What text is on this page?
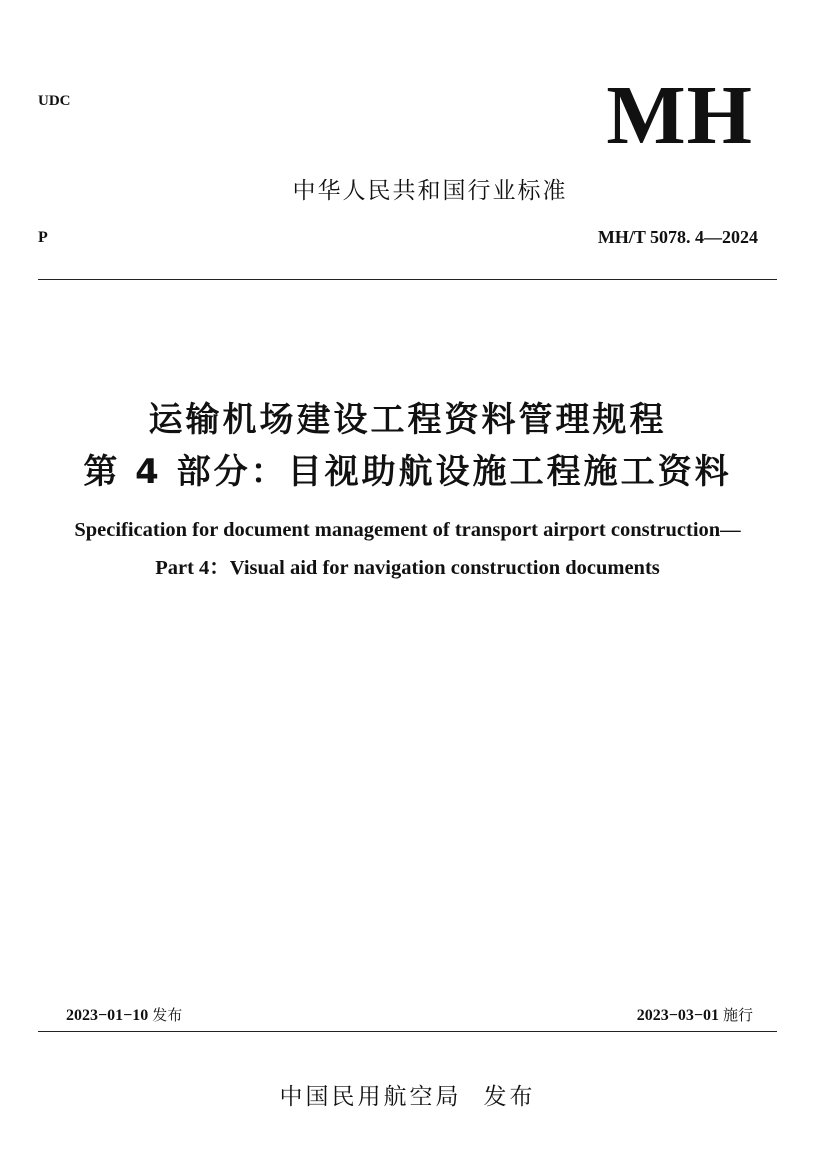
UDC	MH
中华人民共和国行业标准
P	MH/T 5078. 4—2024
运输机场建设工程资料管理规程
第 4 部分：目视助航设施工程施工资料
Specification for document management of transport airport construction—
Part 4：Visual aid for navigation construction documents
2023−01−10 发布	2023−03−01 施行
中国民用航空局 发布
